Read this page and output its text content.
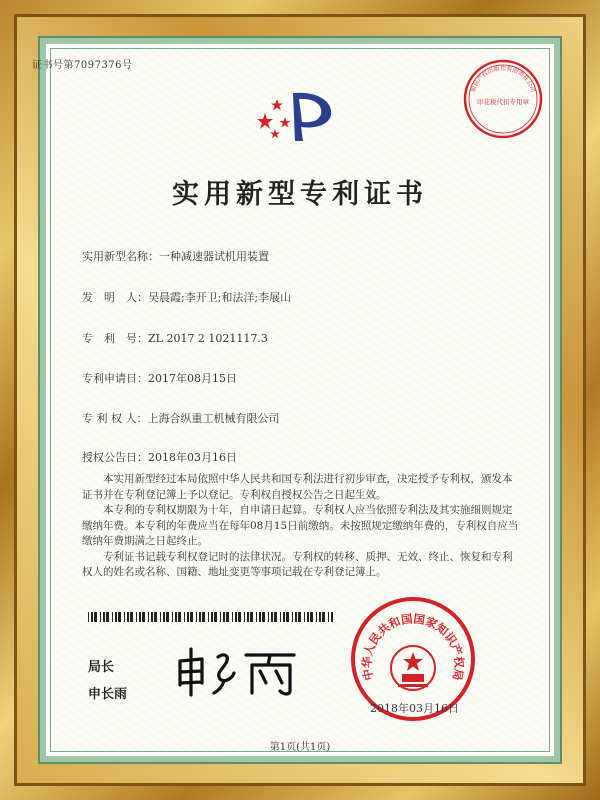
证书号第7097376号
知识产权出版社有限责任公司
印花税代扣专用章
实用新型专利证书
实用新型名称：一种减速器试机用装置
发　明　人：吴晨霞;李开卫;和法洋;李展山
专　利　号：ZL 2017 2 1021117.3
专利申请日：2017年08月15日
专 利 权 人：上海合纵重工机械有限公司
授权公告日：2018年03月16日

本实用新型经过本局依照中华人民共和国专利法进行初步审查，决定授予专利权，颁发本证书并在专利登记簿上予以登记。专利权自授权公告之日起生效。

本专利的专利权期限为十年，自申请日起算。专利权人应当依照专利法及其实施细则规定缴纳年费。本专利的年费应当在每年08月15日前缴纳。未按照规定缴纳年费的，专利权自应当缴纳年费期满之日起终止。

专利证书记载专利权登记时的法律状况。专利权的转移、质押、无效、终止、恢复和专利权人的姓名或名称、国籍、地址变更等事项记载在专利登记簿上。

局长
申长雨
中华人民共和国国家知识产权局
2018年03月16日
第1页(共1页)
